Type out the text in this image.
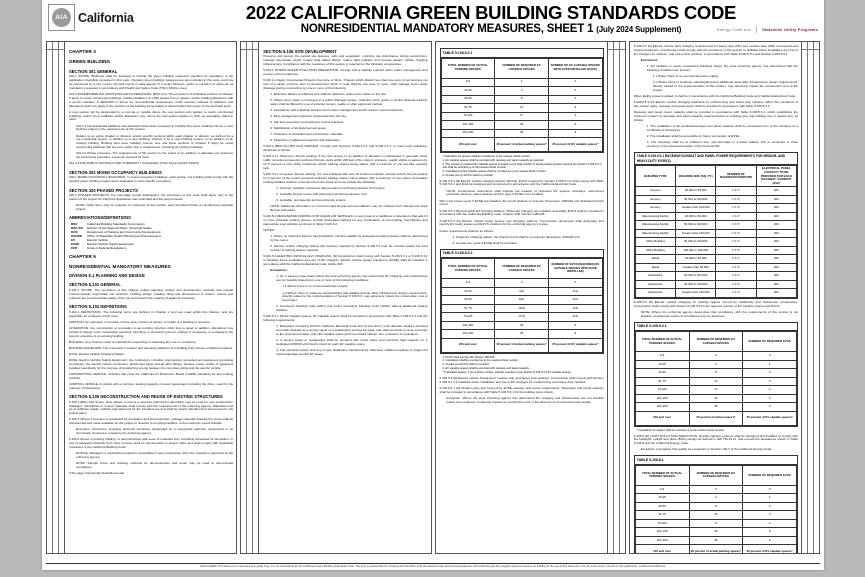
AIA California	2022 CALIFORNIA GREEN BUILDING STANDARDS CODE
NONRESIDENTIAL MANDATORY MEASURES, SHEET 1 (July 2024 Supplement)	Energy Code Ace	Statewide Utility Programs
CHAPTER 3
GREEN BUILDING
SECTION 301 GENERAL
301.1 SCOPE. Buildings shall be designed to include the green building measures specified as mandatory in the application checklists contained in this code. Voluntary green building measures are also included in this code, and may be referenced by a city, county, city and county or state agency in a local ordinance, policy or condition of approval, as mandatory measures in accordance with Health and Safety Code (HSC) 18901 et seq.
301.3 NONRESIDENTIAL ADDITIONS AND ALTERATIONS, [BSC-CG]. The provisions of individual sections of Chapter 5 apply to newly constructed buildings, building additions of 1,000 square feet or greater, and/or building alterations with a permit valuation of $200,000 or above for nonresidential occupancies. Code sections relevant to additions and alterations shall only apply to the portions of the building being added or altered within the scope of the permitted work.
A new section will be designated by a comma or notable where the new section only applies to newly constructed buildings; and/or (2) to additions and/or alterations only, where the new section applies to both, as separately stated in each.
301.3.1 Nonresidential additions and alterations that cause increases in building floor area, building volume or size shall be subject to the requirements of this section.
Relates to an entire chapter or division, and/or specific sections within each chapter or division, as defined for a non-residential project, in addition to a new building, whether it be a new building project, or an addition to an existing building. Building floor area, building volume, size and those sections of Chapter 5 apply for newly constructed buildings that are new, either new or replacement, including all existing buildings.
301.3.2 Phase Increases. The requirements of this section to the extent of an addition or alteration are limited to the work being permitted, except as required for such.
301.4 [HCD] PUBLIC SCHOOLS AND COMMUNITY COLLEGES. [DSA-SS] and [DSA-SS/CC]
SECTION 302 MIXED OCCUPANCY BUILDINGS
302.1 MIXED OCCUPANCY BUILDINGS. In mixed occupancy buildings, each portion of a building shall comply with the specific green building requirements applicable to each specific occupancy.
SECTION 320 PHASED PROJECTS
320.1 PHASED PROJECTS. For two-stage permit applications, the provisions of this code shall apply only to the portion of the project for which the application was submitted and the permit issued.
NOTE: Other items may be required, for purposes of this section, each permitted phase is considered a separate project.
ABBREVIATIONS/DEFINITIONS
BSC	California Building Standards Commission
DSA-SS	Division of the State Architect, Structural Safety
HCD	Department of Housing and Community Development
OSHPD	Office of Statewide Health Planning and Development
EV	Electric Vehicle
EVSE	Electric Vehicle Supply Equipment
CFR	Code of Federal Regulations
CHAPTER 5
NONRESIDENTIAL MANDATORY MEASURES
DIVISION 5.1 PLANNING AND DESIGN
SECTION 5.101 GENERAL
5.101.1 SCOPE. The provisions of this chapter outline planning, design and development methods that include environmentally responsible site selection, building design, building siting and development to protect, restore and enhance the environmental quality of the site and respect the integrity of adjacent properties.
SECTION 5.102 DEFINITIONS
5.102.1 DEFINITIONS. The following terms are defined in Chapter 2 and are used within this division, and are applicable for purposes of this code.
ADDITION. An extension or increase in floor area, number of stories, or height of a building or structure.
ALTERATION. Any construction or renovation to an existing structure other than a repair or addition. Alterations may include a change in the mechanical, electrical, plumbing, or structural systems, change of occupancy, or a change to the exterior envelope of an existing building.
BUILDING. Any structure used or intended for supporting or sheltering any use or occupancy.
BUILDING ENVELOPE. The ensemble of exterior and demising partitions of a building that enclose conditioned spaces.
EVCS. Electric Vehicle Charging Station.
EVSE. Electric Vehicle Supply Equipment, the conductors, including ungrounded, grounded and equipment grounding conductors, the electric vehicle connectors, attachment plugs and all other fittings, devices, power outlets or apparatus installed specifically for the purpose of transferring energy between the premises wiring and the electric vehicle.
LOW-EMITTING VEHICLE. Vehicles that meet the California Air Resources Board (CARB) standards for low-emitting vehicles.
VANPOOL VEHICLE. A vehicle with a minimum seating capacity of seven passengers including the driver, used for the purpose of ridesharing.
SECTION 5.105 DECONSTRUCTION AND REUSE OF EXISTING STRUCTURES
5.105.1 [BSC-CG] Scope, New. Whole or part of a structure planned for demolition may be used for new construction. Salvaged, refurbished or reused materials shall comply with the requirements of the enforcing agency. Materials must be of sufficient quality, suitable and approved for the intended use and shall be clearly identified and documented in the project plans.
5.105.2 Where a structure is scheduled for demolition and deconstruction, salvage materials intended for reuse shall be documented and made available for the project or diverted to recycling facilities, to the maximum extent feasible.
Exception: Structures, including historical structures designated by a recognized authority, determined to be structurally unsound or unsafe by the enforcing agency.
5.105.4 Reuse of existing building, or deconstruction and reuse of materials from a building scheduled for demolition, or use of salvaged materials from other sources shall be documented on project plans and shall comply with applicable provisions of the California Building Code.
NOTICE: Salvaged or refurbished material is acceptable in new construction when the material is approved by the enforcing agency.
NOTE: Sample forms and tracking methods for deconstruction and reuse may be used to demonstrate compliance.
(This page intentionally blank/Reserved)
SECTION 5.106 SITE DEVELOPMENT
Preserve and protect the natural site features, soils and vegetation, minimize site disturbance during construction, manage stormwater runoff, reduce heat island effects, reduce light pollution and provide electric vehicle charging infrastructure. Compliance with the measures of this section is required for the following occupancies.
5.106.1 STORM WATER POLLUTION PREVENTION. Comply with a lawfully enacted storm water management and erosion control ordinance.
5.106.1.1 Newly Constructed Projects One Acre or More. Projects which disturb less than one acre of soil and are not part of a larger common plan of development which in total disturbs one acre or more, shall manage storm water drainage during construction by one or more of the following:
1. Retention basins of sufficient size shall be utilized to retain storm water on the site.
2. Where storm water is conveyed to a public drainage system, collection point, gutter or similar disposal method, water shall be filtered by use of a barrier system, wattle or other approved method.
3. Compliance with a lawfully enacted storm water management and/or erosion control ordinance.
4. Best management practices implemented for the site.
5. Soil loss prevention and sediment control practices.
6. Stabilization of all disturbed soil areas.
7. Protection of stockpiles and construction materials.
8. Protection of adjacent properties and waterways.
5.106.2 [BSC-CG] BICYCLE PARKING. Comply with Sections 5.106.4.1.1 and 5.106.4.1.2; or meet local ordinance, whichever is stricter.
5.106.4.1.1 Short-term bicycle parking. If the new project or an addition or alteration is anticipated to generate visitor traffic, provide permanently anchored bicycle racks within 200 feet of the visitors' entrance, readily visible to passers-by, for 5 percent of new visitor motorized vehicle parking spaces being added, with a minimum of one two-bike capacity rack.
5.106.4.1.2 Long-term bicycle parking. For new buildings with over 10 tenant-occupants, provide secure bicycle parking for 5 percent of the tenant-occupant vehicular parking spaces being added, with a minimum of one space. Acceptable parking facilities shall be convenient from the street and may include the following:
1. Covered, lockable enclosures with permanent anchoring devices for bicycles;
2. Lockable bicycle rooms with permanent anchoring devices; and
3. Lockable, permanently anchored bicycle lockers.
NOTE: Additional information on recommended bicycle accommodations may be obtained from Sacramento Area Bicycle Advocates.
5.106.5.2 DESIGNATED PARKING FOR CLEAN AIR VEHICLES. In new projects or additions or alterations that add 10 or more vehicular parking spaces, provide designated parking for any combination of low-emitting, fuel-efficient and carpool/van pool vehicles as shown in Table 5.106.5.2.
NOTES:
1. Where no enforcing agency has jurisdiction, vehicles eligible for designated parking spaces shall be determined by the owner.
2. Electric vehicle charging spaces (EV spaces) required by Section 5.106.5.3 may be counted toward the total number of parking spaces required.
5.106.5.3 ELECTRIC VEHICLE (EV) CHARGING. [N] Construction shall comply with Section 5.106.5.3.1 or 5.106.5.3.2 to facilitate future installation and use of EV chargers. Electric vehicle supply equipment (EVSE) shall be installed in accordance with the California Electrical Code, Article 625.
Exceptions:
1. On a case-by-case basis where the local enforcing agency has determined EV charging and infrastructure are not feasible based upon one or more of the following conditions:
1.1 Where there is no commercial power supply.
1.2 Where there is evidence substantiating that additional local utility infrastructure design requirements, directly related to the implementation of Section 5.106.5.3, may adversely impact the construction cost of the project.
2. Accessory Dwelling Units (ADU) and Junior Accessory Dwelling Units (JADU) without additional parking facilities.
5.106.5.3.1 [N] EV capable spaces. EV capable spaces shall be provided in accordance with Table 5.106.5.3.1 and the following requirements:
1. Raceways complying with the California Electrical Code and no less than 1 inch diameter shall be provided and shall originate at a service panel or a subpanel(s) serving the area, and shall terminate in close proximity to the proposed location of the EV capable space and into a listed cabinet, box, enclosure or equivalent.
2. A service panel or subpanel(s) shall be provided with panel space and electrical load capacity for a dedicated 208/240-volt branch circuit for each EV capable space.
3. The electrical system and any on-site distribution transformer(s) shall have sufficient capacity to supply full rated amperage at each EV space.
TABLE 5.106.5.3.1
TOTAL NUMBER OF ACTUAL PARKING SPACES	NUMBER OF REQUIRED EV CAPABLE SPACES	NUMBER OF EV CAPABLE SPACES WITH EVSE INSTALLED (EVCS)
0-9	1	0
10-25	4	0
26-50	8	2
51-75	13	3
76-100	17	4
101-150	25	6
151-200	35	9
201 and over	20 percent of actual parking spaces*	25 percent of EV capable spaces*
* Calculation for spaces shall be rounded up to the nearest whole number.
1. EV capable spaces shall be provided with raceway and panel capacity as required.
2. The number of required EV capable spaces is based on the total number of actual parking spaces required per Section 5.106.5.3.1, and shall be rounded up to the nearest whole number.
3. Calculation for EV capable spaces shall be rounded up to the nearest whole number.
4. At least one (1) EVCS shall be provided.
5.106.5.3.2 [N] Electric vehicle charging stations (EVCS). EVCS required by Section 5.106.5.3.2 shall comply with Table 5.106.5.3.2 and shall be designed and constructed in accordance with the California Electrical Code.
NOTE: Construction documents shall indicate the location of proposed EV spaces, raceways, overcurrent protective devices, panel capacity and the type of EVSE to be installed.
When low power Level 2 EVSE are installed, the circuit shall be a minimum 20-ampere, 208/240-volt dedicated branch circuit.
5.106.5.3.3 [N] Accessible EV charging stations. Where EV chargers are installed, accessible EVCS shall be provided in accordance with the California Building Code, Chapter 11B, Section 11B-228.
5.106.5.3.4 [N] Electric vehicle ready spaces and charging stations. Construction documents shall designate and identify EV ready spaces and EVCS locations for the enforcing agency's review.
Power requirements shall be as follows:
1. Single EV charging station: the branch circuit shall be a minimum 40-ampere, 208/240-volt.
2. At least one Level 2 EVSE shall be provided.
TABLE 5.106.5.3.2
TOTAL NUMBER OF ACTUAL PARKING SPACES	NUMBER OF REQUIRED EV CAPABLE SPACES	NUMBER OF EVCS REQUIRED (EV CAPABLE SPACES WITH EVSE INSTALLED)
0-9	0	0
10-25	4(1)	0(1)
26-50	8(2)	2(2)
51-75	13(3)	3(3)
76-100	17(4)	4(4)
101-150	25	6
151-200	35	9
201 and over	20 percent of actual parking spaces*	25 percent of EV capable spaces*
1. EVCS shall comply with Section 11B-228.
2. Calculation shall be rounded up to the nearest whole number.
3. At least one EVCS shall be provided.
4. EV capable spaces shall be provided with raceway and panel capacity.
* Calculated spaces, if not a whole number, shall be rounded up per Section 5.106.5.3.1 EV capable spaces.
5.106.5.4 [N] Electric vehicle charging for medium-duty and heavy-duty vehicles. Construction shall comply with Section 5.106.5.4.1 to facilitate future installation and use of EV chargers for medium-duty and heavy-duty vehicles.
5.106.5.4.1 [N] Medium-duty and heavy-duty EVSE raceway and panel requirements. Raceways and panel capacity shall be provided in accordance with Table 5.106.5.5.1 for the building types shown.
Exception: Where the local enforcing agency has determined EV charging and infrastructure are not feasible based upon evidence of adverse impacts to construction cost or the absence of commercial power supply.
5.106.5.5 [N] Electric vehicle (EV) charging requirements for heavy-duty (HD) and medium-duty (MD) commercial and retail occupancies. Construction shall comply with the provisions of this section to facilitate future installation and use of EV chargers for medium- and heavy-duty vehicles, in accordance with Table 5.106.5.5.1 and Section 5.106.5.5.1.
Exceptions:
1. EV facilities in newly constructed buildings where the local enforcing agency has determined that the following conditions are present:
1.1 Where there is no commercial power supply.
1.2 Where there is evidence substantiating that additional local utility infrastructure design requirements, directly related to the implementation of this section, may adversely impact the construction cost of the project.
When facility power is added, it shall be in accordance with the California Building Code and California Electrical Code.
5.106.5.5.1 [N] Electric vehicle charging readiness for medium-duty and heavy-duty vehicles. When the conditions of this section apply, raceway and panel power shall be provided in accordance with Table 5.106.5.5.1.
Raceway and panel power capacity shall be provided in accordance with Table 5.106.5.5.1, which establishes the minimum number of raceways and panel capacity required based on building type and building size in square feet, as follows:
1. The installation of all conduits/raceways and panel capacity shall be completed prior to the issuance of a Certificate of Occupancy.
2. The installation shall be accessible for future connection of EVSE.
3. The raceways shall be of sufficient size, and terminate in a listed cabinet, box or enclosure in close proximity to the proposed location of the future EVSE.
TABLE 5.106.5.5.1 RACEWAY/CONDUIT AND PANEL POWER REQUIREMENTS FOR MEDIUM- AND HEAVY-DUTY EVSE(S)
BUILDING TYPE	BUILDING SIZE (SQ. FT.)	NUMBER OF RACEWAYS/CONDUITS	ELECTRICAL PANEL CAPACITY TO BE PROVIDED FOR EACH RACEWAY / CONDUIT (kVA)
Grocery	20,000 to 50,000	1 X 2"	200
Grocery	50,001 to 100,000	1 X 3"	200
Grocery	Greater than 100,000	1 X 4"	200
Warehousing Facility	20,000 to 50,000	1 X 2"	200
Warehousing Facility	50,001 to 100,000	1 X 3"	200
Warehousing Facility	Greater than 100,000	1 X 4"	200
Office Building	50,000 to 100,000	1 X 2"	200
Office Building	100,001 to 200,000	1 X 3"	200
Retail	10,000 to 50,000	1 X 2"	200
Retail	Greater than 50,000	1 X 3"	200
Restaurant	20,000 to 100,000	1 X 2"	200
Restaurant	20,000 to 100,000	1 X 3"	200
Restaurant	Greater than 100,000	1 X 4"	200
5.106.5.6 [N] Electric vehicle charging for parking spaces served by multifamily and hotel/motel occupancies. Construction shall comply with Section 5.106.5.6 for the required number of EV capable spaces and EVCS.
NOTE: Where the enforcing agency determines that compliance with the requirements of this section is not feasible, an alternate means of compliance may be approved.
TABLE 5.106.5.4.1
TOTAL NUMBER OF ACTUAL PARKING SPACES	NUMBER OF REQUIRED EV CAPABLE SPACES	NUMBER OF REQUIRED EVCS
0-9	0	0
10-25	4	1
26-50	8	2
51-75	13	3
76-100	17	4
101-150	25	6
151-200	35	9
201 and over	20 percent of actual spaces*	25 percent of EV capable spaces*
* Calculation for spaces shall be rounded up to the nearest whole number.
5.106.6 [N] LIGHT POLLUTION REDUCTION. Outdoor lighting systems shall be designed and installed to comply with the backlight, uplight and glare (BUG) ratings as defined in IES TM-15-11, and exceed the allowances shown in Table 5.106.8 and the California Energy Code.
Exception: Luminaires that qualify as exceptions in Section 140.7 of the California Energy Code.
TABLE 5.106.8.1
TOTAL NUMBER OF ACTUAL PARKING SPACES	NUMBER OF REQUIRED EV CAPABLE SPACES	NUMBER OF REQUIRED EVCS
0-9	0	0
10-25	4	1
26-50	8	2
51-75	13	3
76-100	17	4
101-150	25	6
151-200	35	9
201 and over	20 percent of actual parking spaces*	25 percent of EV capable spaces*
DISCLAIMER: This document is intended as a guide only. It is not a substitute for the California Green Building Standards Code. The user is responsible for verifying all information with the adopted code and local amendments. AIA California and the program sponsors assume no liability for the use of this document. For the most current version of this publication, contact AIA California.
